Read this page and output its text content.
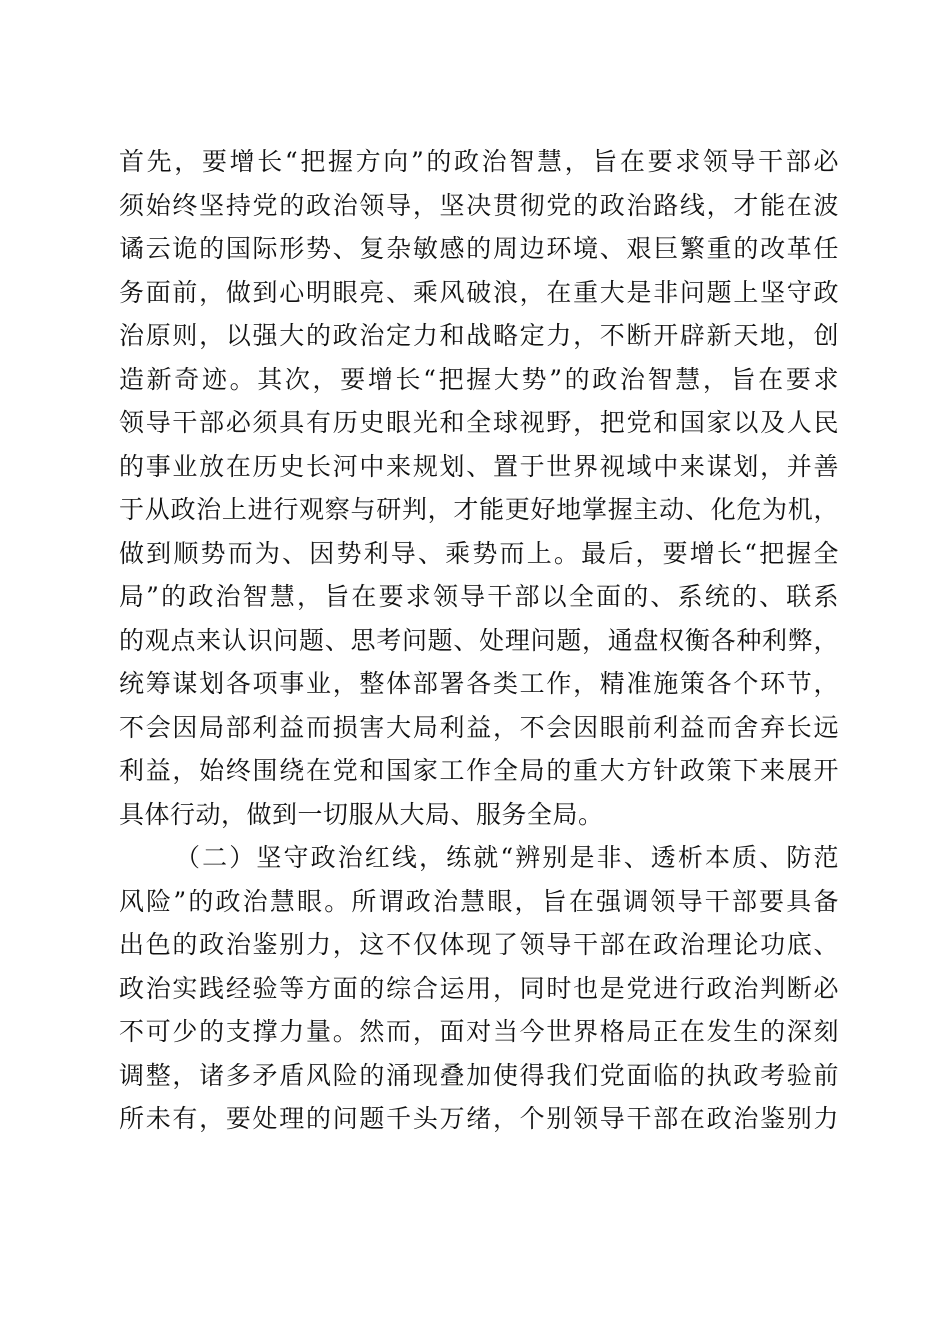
首先，要增长“把握方向”的政治智慧，旨在要求领导干部必
须始终坚持党的政治领导，坚决贯彻党的政治路线，才能在波
谲云诡的国际形势、复杂敏感的周边环境、艰巨繁重的改革任
务面前，做到心明眼亮、乘风破浪，在重大是非问题上坚守政
治原则，以强大的政治定力和战略定力，不断开辟新天地，创
造新奇迹。其次，要增长“把握大势”的政治智慧，旨在要求
领导干部必须具有历史眼光和全球视野，把党和国家以及人民
的事业放在历史长河中来规划、置于世界视域中来谋划，并善
于从政治上进行观察与研判，才能更好地掌握主动、化危为机，
做到顺势而为、因势利导、乘势而上。最后，要增长“把握全
局”的政治智慧，旨在要求领导干部以全面的、系统的、联系
的观点来认识问题、思考问题、处理问题，通盘权衡各种利弊，
统筹谋划各项事业，整体部署各类工作，精准施策各个环节，
不会因局部利益而损害大局利益，不会因眼前利益而舍弃长远
利益，始终围绕在党和国家工作全局的重大方针政策下来展开
具体行动，做到一切服从大局、服务全局。
（二）坚守政治红线，练就“辨别是非、透析本质、防范
风险”的政治慧眼。所谓政治慧眼，旨在强调领导干部要具备
出色的政治鉴别力，这不仅体现了领导干部在政治理论功底、
政治实践经验等方面的综合运用，同时也是党进行政治判断必
不可少的支撑力量。然而，面对当今世界格局正在发生的深刻
调整，诸多矛盾风险的涌现叠加使得我们党面临的执政考验前
所未有，要处理的问题千头万绪，个别领导干部在政治鉴别力
